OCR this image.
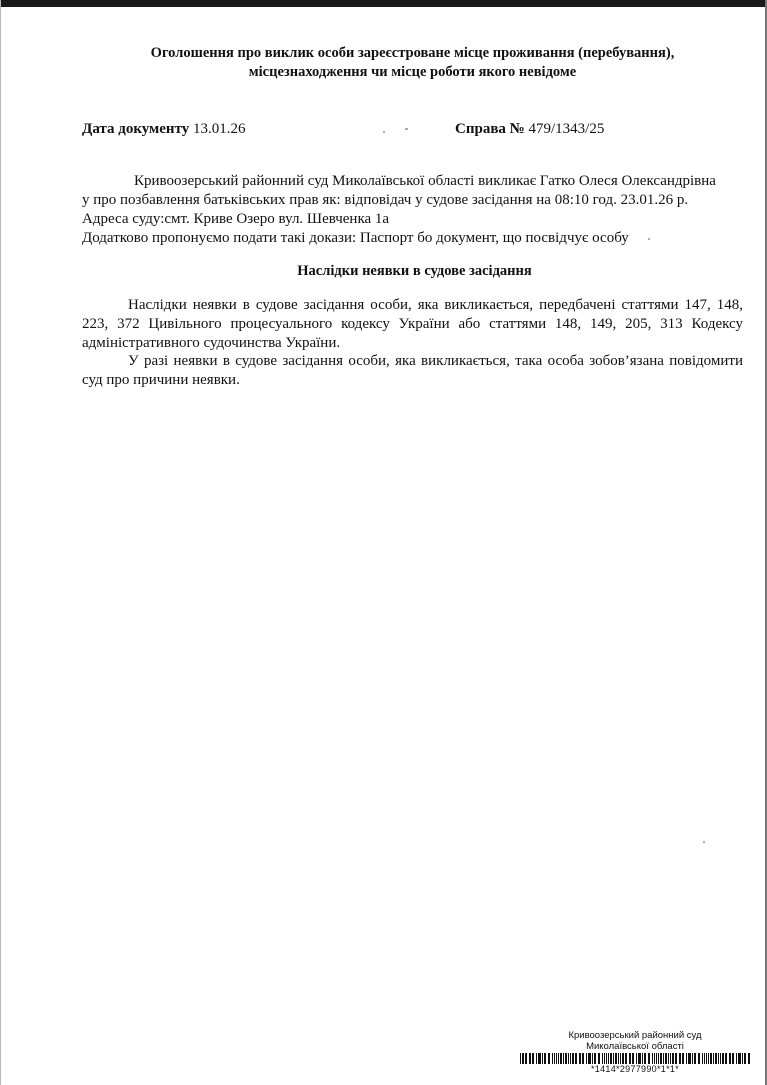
Оголошення про виклик особи зареєстроване місце проживання (перебування),
місцезнаходження чи місце роботи якого невідоме
Дата документу 13.01.26	Справа № 479/1343/25
Кривоозерський районний суд Миколаївської області викликає Гатко Олеся Олександрівна
у про позбавлення батьківських прав як: відповідач у судове засідання на 08:10 год. 23.01.26 р.
Адреса суду:смт. Криве Озеро вул. Шевченка 1а
Додатково пропонуємо подати такі докази: Паспорт бо документ, що посвідчує особу
Наслідки неявки в судове засідання
Наслідки неявки в судове засідання особи, яка викликається, передбачені статтями 147, 148, 223, 372 Цивільного процесуального кодексу України або статтями 148, 149, 205, 313 Кодексу адміністративного судочинства України.
У разі неявки в судове засідання особи, яка викликається, така особа зобов’язана повідомити суд про причини неявки.
Кривоозерський районний суд
Миколаївської області
*1414*2977990*1*1*
